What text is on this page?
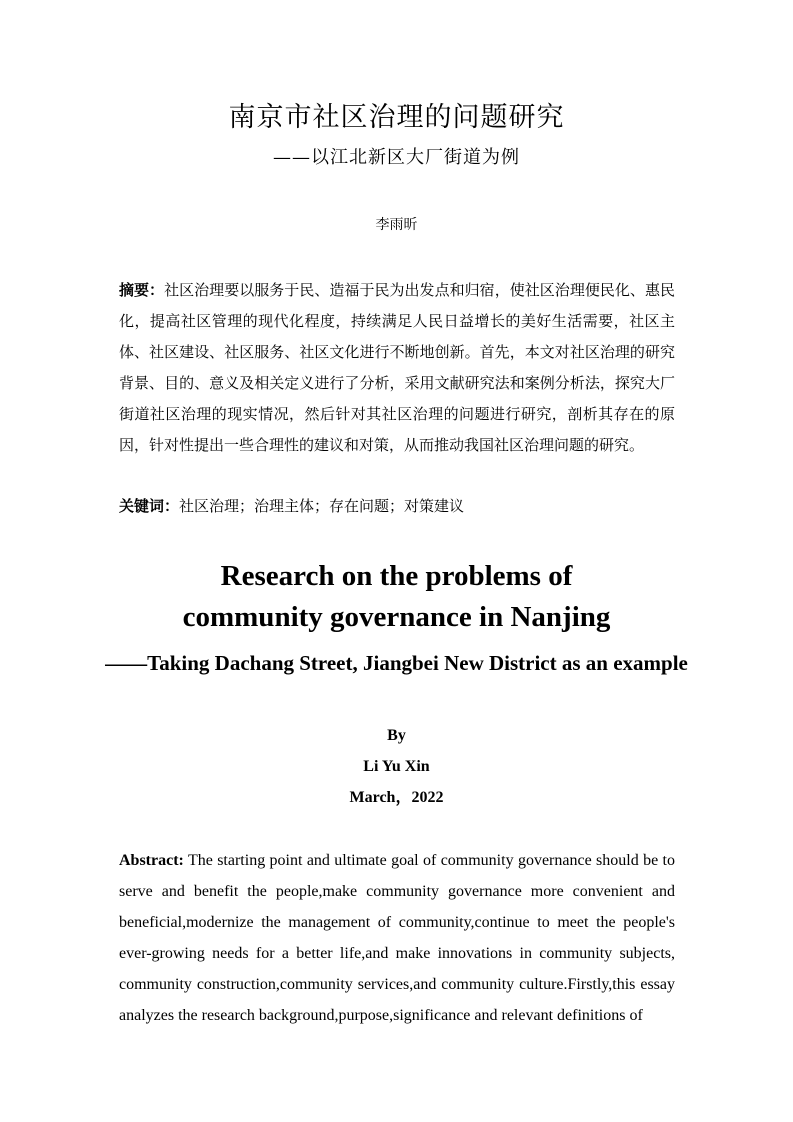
南京市社区治理的问题研究
——以江北新区大厂街道为例
李雨昕
摘要：社区治理要以服务于民、造福于民为出发点和归宿，使社区治理便民化、惠民化，提高社区管理的现代化程度，持续满足人民日益增长的美好生活需要，社区主体、社区建设、社区服务、社区文化进行不断地创新。首先，本文对社区治理的研究背景、目的、意义及相关定义进行了分析，采用文献研究法和案例分析法，探究大厂街道社区治理的现实情况，然后针对其社区治理的问题进行研究，剖析其存在的原因，针对性提出一些合理性的建议和对策，从而推动我国社区治理问题的研究。
关键词：社区治理；治理主体；存在问题；对策建议
Research on the problems of
community governance in Nanjing
——Taking Dachang Street, Jiangbei New District as an example
By
Li Yu Xin
March，2022
Abstract: The starting point and ultimate goal of community governance should be to serve and benefit the people,make community governance more convenient and beneficial,modernize the management of community,continue to meet the people's ever-growing needs for a better life,and make innovations in community subjects, community construction,community services,and community culture.Firstly,this essay analyzes the research background,purpose,significance and relevant definitions of
